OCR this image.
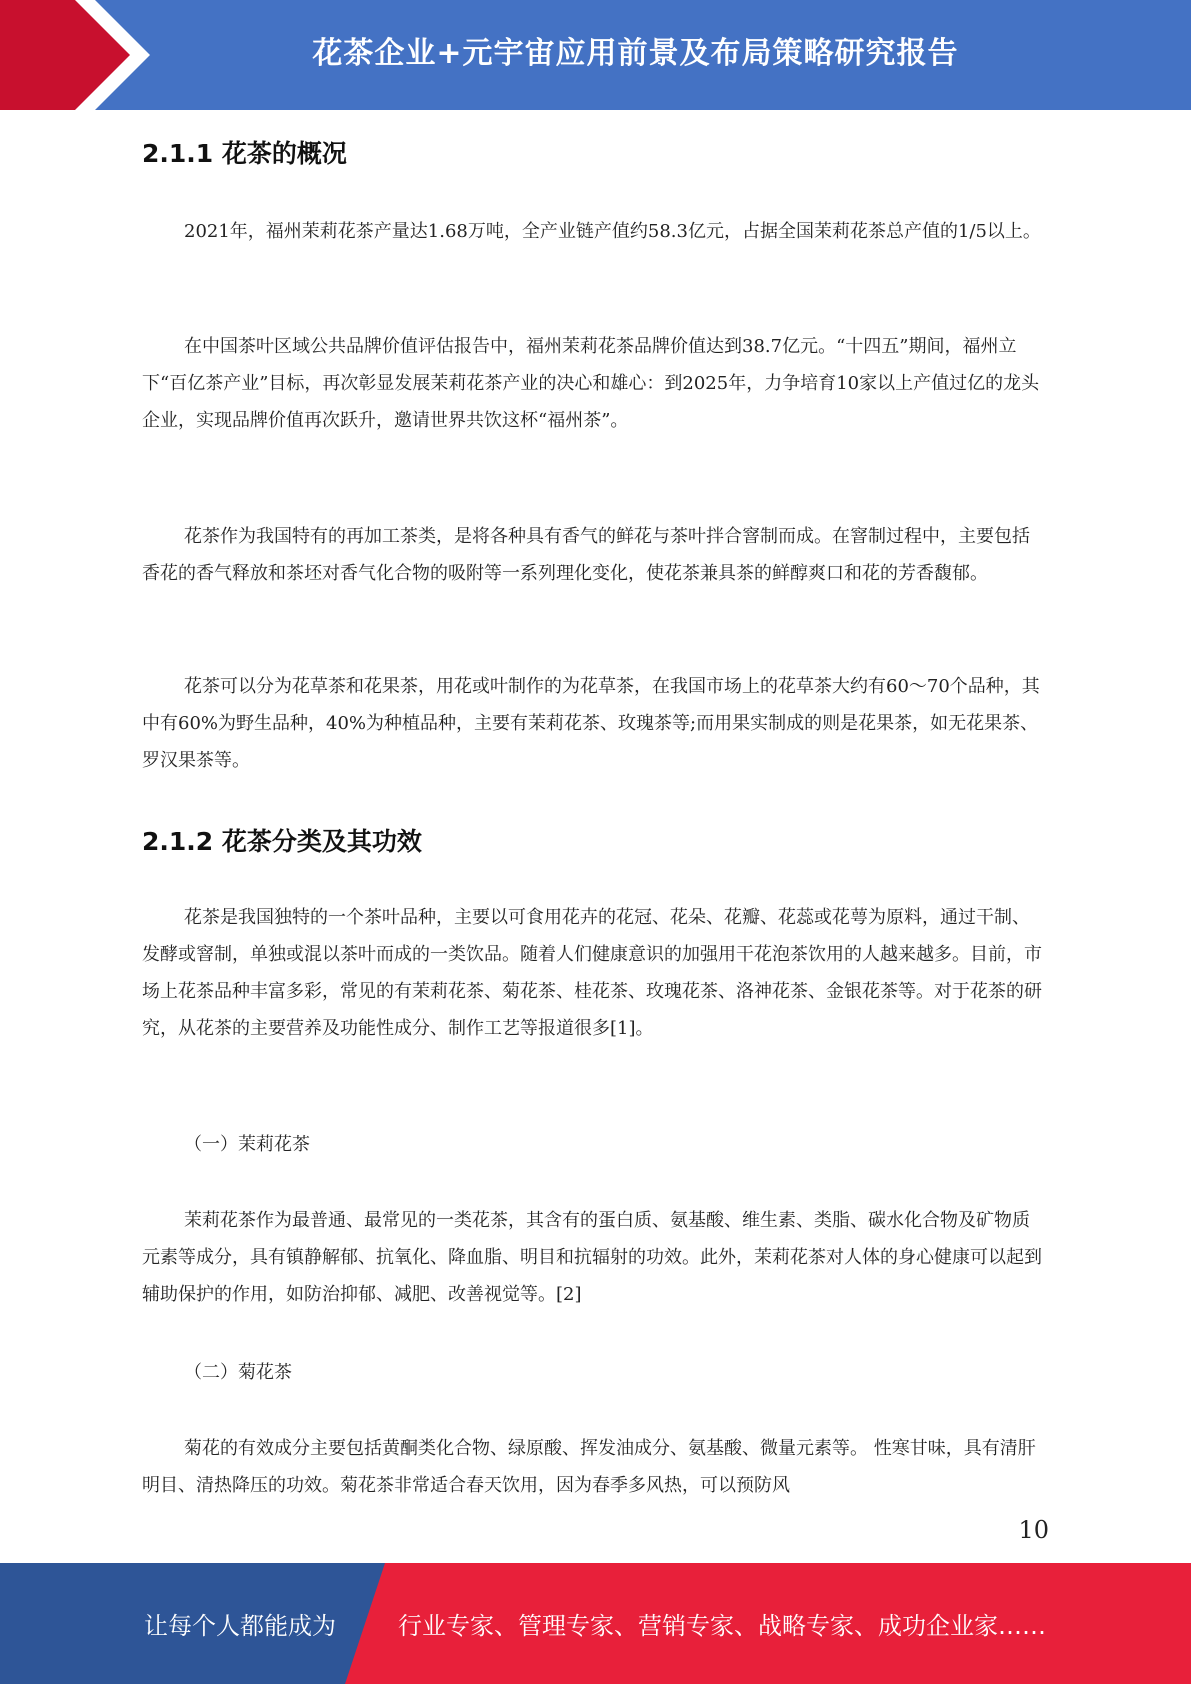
花茶企业+元宇宙应用前景及布局策略研究报告
2.1.1 花茶的概况

2021年，福州茉莉花茶产量达1.68万吨，全产业链产值约58.3亿元，占据全国茉莉花茶总产值的1/5以上。

在中国茶叶区域公共品牌价值评估报告中，福州茉莉花茶品牌价值达到38.7亿元。“十四五”期间，福州立下“百亿茶产业”目标，再次彰显发展茉莉花茶产业的决心和雄心：到2025年，力争培育10家以上产值过亿的龙头企业，实现品牌价值再次跃升，邀请世界共饮这杯“福州茶”。

花茶作为我国特有的再加工茶类，是将各种具有香气的鲜花与茶叶拌合窨制而成。在窨制过程中，主要包括香花的香气释放和茶坯对香气化合物的吸附等一系列理化变化，使花茶兼具茶的鲜醇爽口和花的芳香馥郁。

花茶可以分为花草茶和花果茶，用花或叶制作的为花草茶，在我国市场上的花草茶大约有60～70个品种，其中有60%为野生品种，40%为种植品种，主要有茉莉花茶、玫瑰茶等;而用果实制成的则是花果茶，如无花果茶、罗汉果茶等。

2.1.2 花茶分类及其功效

花茶是我国独特的一个茶叶品种，主要以可食用花卉的花冠、花朵、花瓣、花蕊或花萼为原料，通过干制、发酵或窨制，单独或混以茶叶而成的一类饮品。随着人们健康意识的加强用干花泡茶饮用的人越来越多。目前，市场上花茶品种丰富多彩，常见的有茉莉花茶、菊花茶、桂花茶、玫瑰花茶、洛神花茶、金银花茶等。对于花茶的研究，从花茶的主要营养及功能性成分、制作工艺等报道很多[1]。

（一）茉莉花茶

茉莉花茶作为最普通、最常见的一类花茶，其含有的蛋白质、氨基酸、维生素、类脂、碳水化合物及矿物质元素等成分，具有镇静解郁、抗氧化、降血脂、明目和抗辐射的功效。此外，茉莉花茶对人体的身心健康可以起到辅助保护的作用，如防治抑郁、减肥、改善视觉等。[2]

（二）菊花茶

菊花的有效成分主要包括黄酮类化合物、绿原酸、挥发油成分、氨基酸、微量元素等。 性寒甘味，具有清肝明目、清热降压的功效。菊花茶非常适合春天饮用，因为春季多风热，可以预防风

10
让每个人都能成为	行业专家、管理专家、营销专家、战略专家、成功企业家……
